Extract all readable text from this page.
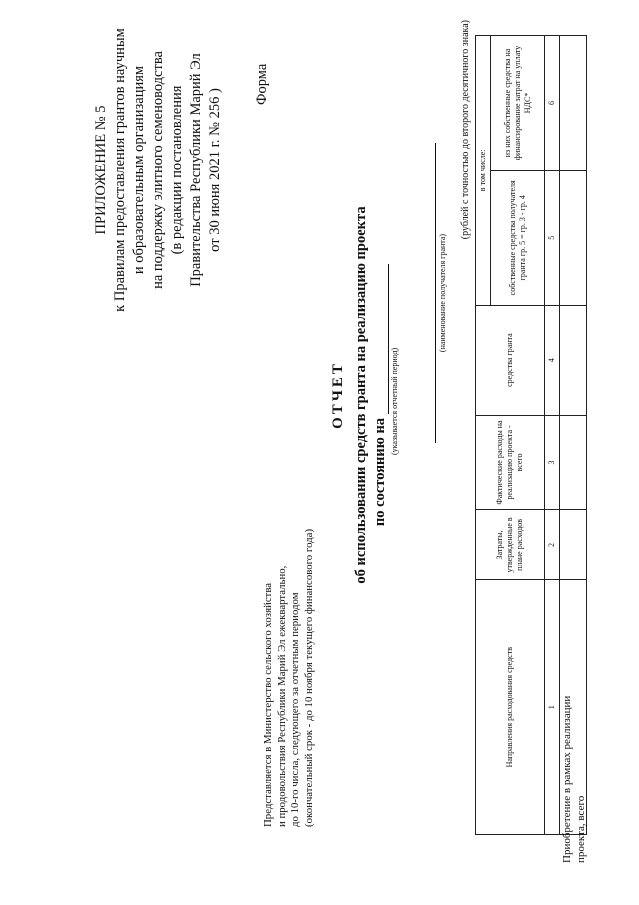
ПРИЛОЖЕНИЕ № 5 к Правилам предоставления грантов научным и образовательным организациям на поддержку элитного семеноводства (в редакции постановления Правительства Республики Марий Эл от 30 июня 2021 г. № 256 )
Форма
Представляется в Министерство сельского хозяйства и продовольствия Республики Марий Эл ежеквартально, до 10-го числа, следующего за отчетным периодом (окончательный срок - до 10 ноября текущего финансового года)
ОТЧЕТ об использовании средств гранта на реализацию проекта по состоянию на
(указывается отчетный период)
(наименование получателя гранта)
(рублей с точностью до второго десятичного знака)
Направления расходования средств	Затраты, утвержденные в плане расходов	Фактические расходы на реализацию проекта - всего	средства гранта	в том числе:	
				собственные средства получателя гранта гр. 5 = гр. 3 - гр. 4	из них собственные средства на финансирование затрат на уплату НДС*
1	2	3	4	5	6

Приобретение в рамках реализации проекта, всего
